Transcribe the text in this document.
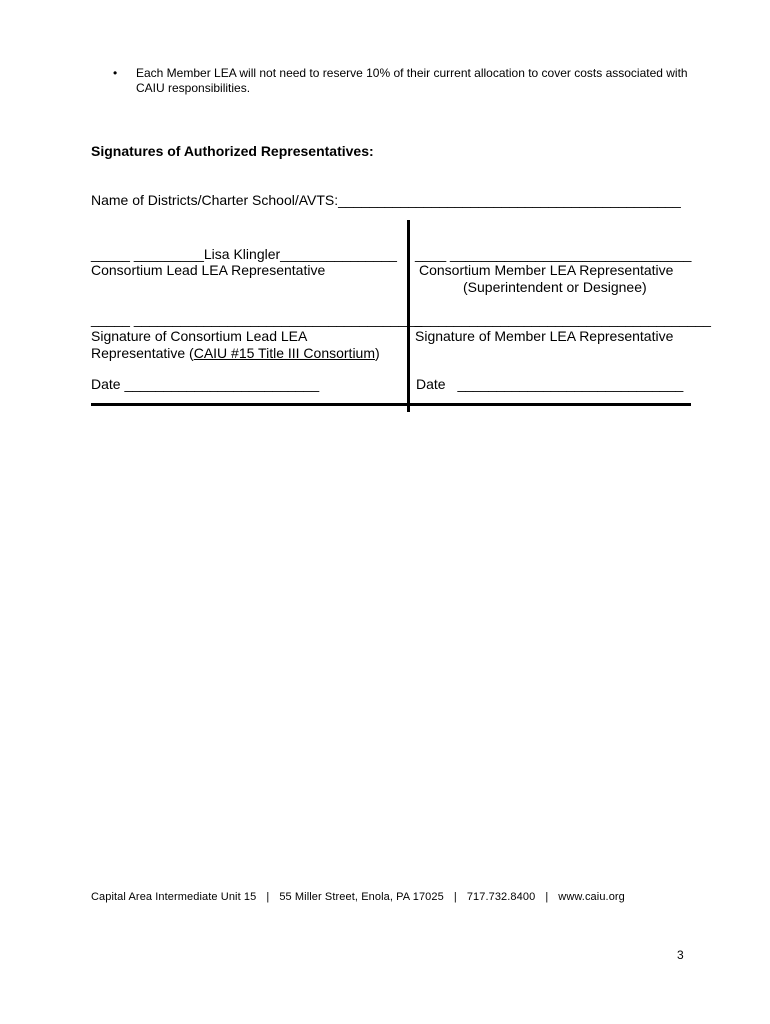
• Each Member LEA will not need to reserve 10% of their current allocation to cover costs associated with CAIU responsibilities.
Signatures of Authorized Representatives:
Name of Districts/Charter School/AVTS:____________________________________________
_____ _________Lisa Klingler_______________
Consortium Lead LEA Representative
_____ _____________________________________
Signature of Consortium Lead LEA
Representative (CAIU #15 Title III Consortium)
Date _________________________
____ _______________________________
Consortium Member LEA Representative
(Superintendent or Designee)
______________________________________
Signature of Member LEA Representative
Date _____________________________
Capital Area Intermediate Unit 15 | 55 Miller Street, Enola, PA 17025 | 717.732.8400 | www.caiu.org
3
